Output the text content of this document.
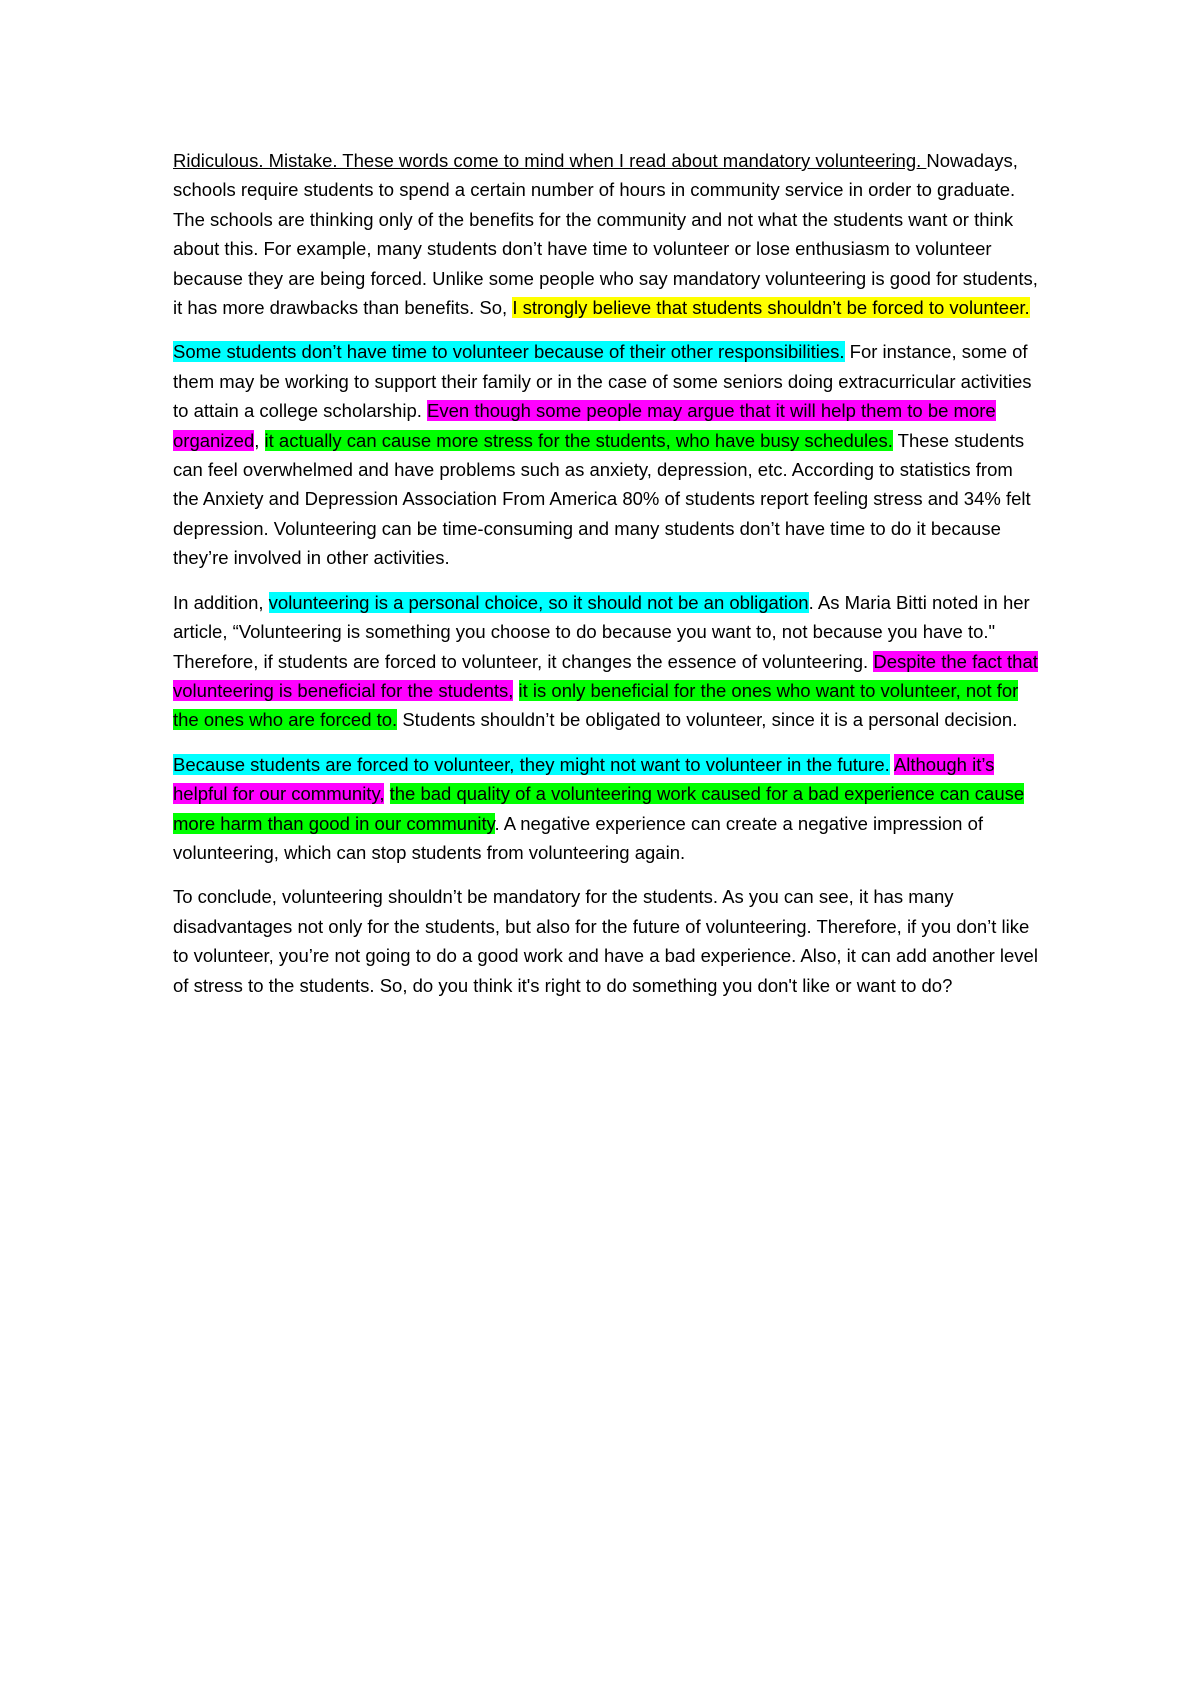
Ridiculous. Mistake. These words come to mind when I read about mandatory volunteering. Nowadays, schools require students to spend a certain number of hours in community service in order to graduate. The schools are thinking only of the benefits for the community and not what the students want or think about this. For example, many students don’t have time to volunteer or lose enthusiasm to volunteer because they are being forced. Unlike some people who say mandatory volunteering is good for students, it has more drawbacks than benefits. So, I strongly believe that students shouldn’t be forced to volunteer.

Some students don’t have time to volunteer because of their other responsibilities. For instance, some of them may be working to support their family or in the case of some seniors doing extracurricular activities to attain a college scholarship. Even though some people may argue that it will help them to be more organized, it actually can cause more stress for the students, who have busy schedules. These students can feel overwhelmed and have problems such as anxiety, depression, etc. According to statistics from the Anxiety and Depression Association From America 80% of students report feeling stress and 34% felt depression. Volunteering can be time-consuming and many students don’t have time to do it because they’re involved in other activities.

In addition, volunteering is a personal choice, so it should not be an obligation. As Maria Bitti noted in her article, “Volunteering is something you choose to do because you want to, not because you have to." Therefore, if students are forced to volunteer, it changes the essence of volunteering. Despite the fact that volunteering is beneficial for the students, it is only beneficial for the ones who want to volunteer, not for the ones who are forced to. Students shouldn’t be obligated to volunteer, since it is a personal decision.

Because students are forced to volunteer, they might not want to volunteer in the future. Although it’s helpful for our community, the bad quality of a volunteering work caused for a bad experience can cause more harm than good in our community. A negative experience can create a negative impression of volunteering, which can stop students from volunteering again.

To conclude, volunteering shouldn’t be mandatory for the students. As you can see, it has many disadvantages not only for the students, but also for the future of volunteering. Therefore, if you don’t like to volunteer, you’re not going to do a good work and have a bad experience. Also, it can add another level of stress to the students. So, do you think it's right to do something you don't like or want to do?
